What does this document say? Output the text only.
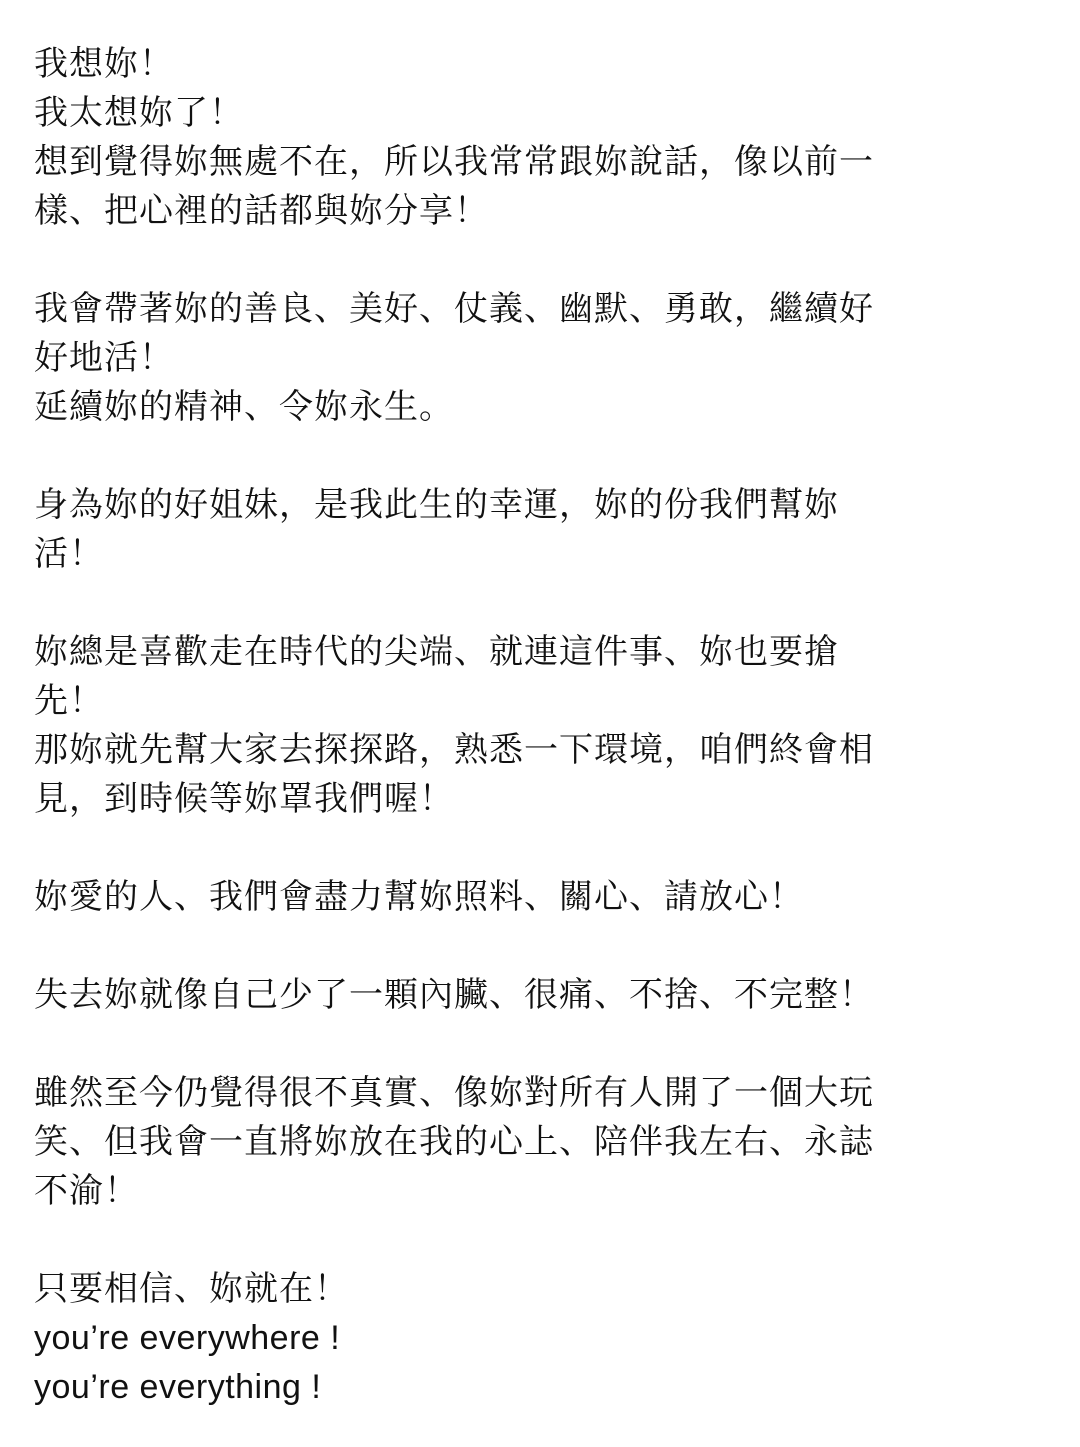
我想妳！
我太想妳了！
想到覺得妳無處不在，所以我常常跟妳說話，像以前一
樣、把心裡的話都與妳分享！
我會帶著妳的善良、美好、仗義、幽默、勇敢，繼續好
好地活！
延續妳的精神、令妳永生。
身為妳的好姐妹，是我此生的幸運，妳的份我們幫妳
活！
妳總是喜歡走在時代的尖端、就連這件事、妳也要搶
先！
那妳就先幫大家去探探路，熟悉一下環境，咱們終會相
見，到時候等妳罩我們喔！
妳愛的人、我們會盡力幫妳照料、關心、請放心！
失去妳就像自己少了一顆內臟、很痛、不捨、不完整！
雖然至今仍覺得很不真實、像妳對所有人開了一個大玩
笑、但我會一直將妳放在我的心上、陪伴我左右、永誌
不渝！
只要相信、妳就在！
you’re everywhere !
you’re everything !
